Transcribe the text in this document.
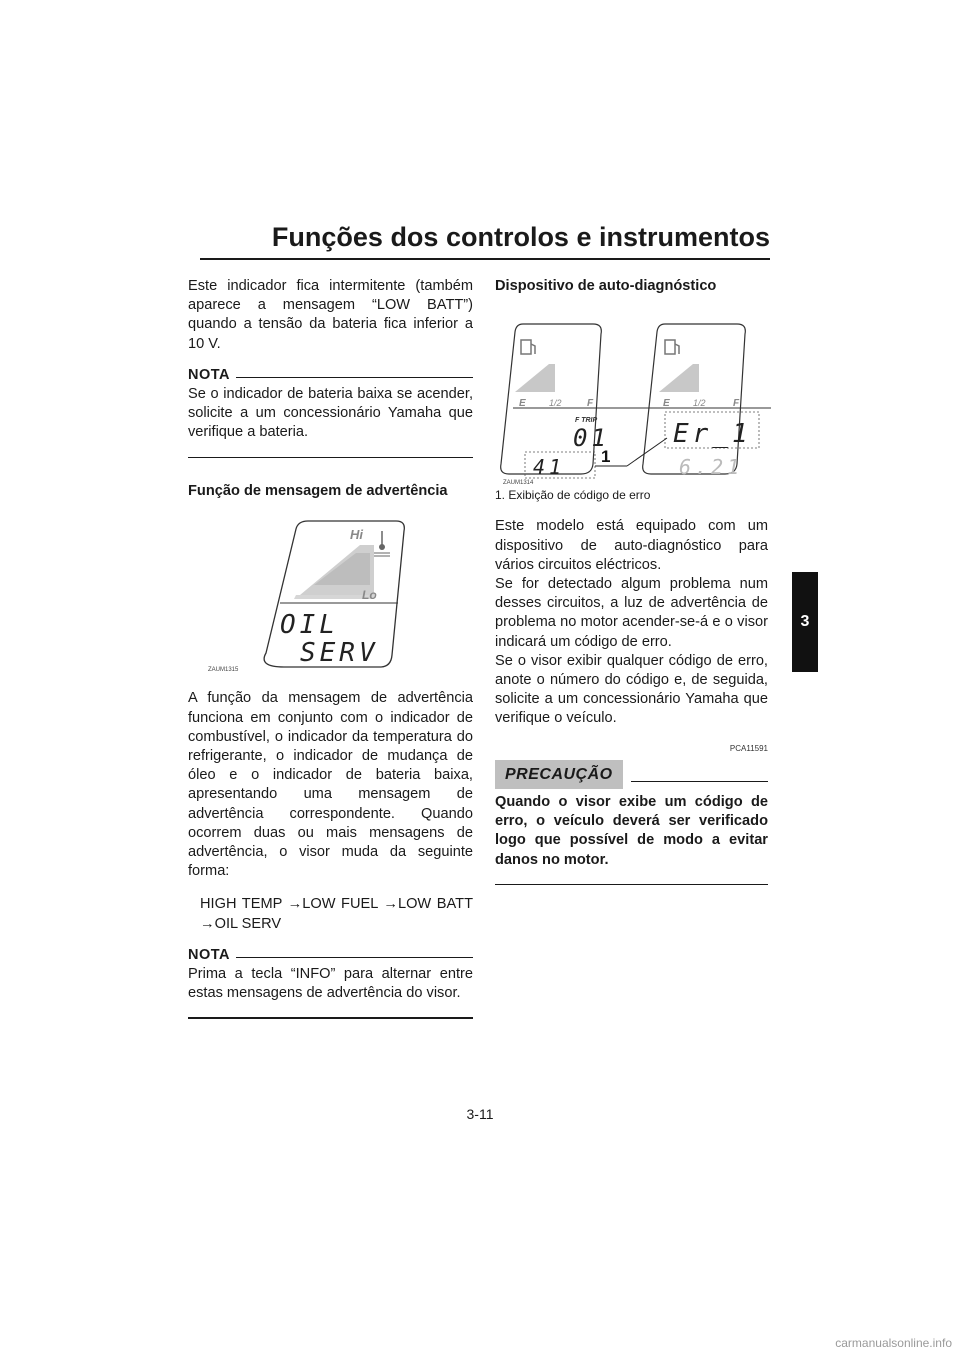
Funções dos controlos e instrumentos
3

Este indicador fica intermitente (também aparece a mensagem “LOW BATT”) quando a tensão da bateria fica inferior a 10 V.

NOTA

Se o indicador de bateria baixa se acender, solicite a um concessionário Yamaha que verifique a bateria.

Função de mensagem de advertência

Hi
Lo
OIL
SERV
ZAUM1315

A função da mensagem de advertência funciona em conjunto com o indicador de combustível, o indicador da temperatura do refrigerante, o indicador de mudança de óleo e o indicador de bateria baixa, apresentando uma mensagem de advertência correspondente. Quando ocorrem duas ou mais mensagens de advertência, o visor muda da seguinte forma:

HIGH TEMP →LOW FUEL →LOW BATT →OIL SERV

NOTA

Prima a tecla “INFO” para alternar entre estas mensagens de advertência do visor.

Dispositivo de auto-diagnóstico

E	1/2	F
F TRIP
01
41
E	1/2	F
Er_1
6.21
1
ZAUM1314

1. Exibição de código de erro

Este modelo está equipado com um dispositivo de auto-diagnóstico para vários circuitos eléctricos.

Se for detectado algum problema num desses circuitos, a luz de advertência de problema no motor acender-se-á e o visor indicará um código de erro.

Se o visor exibir qualquer código de erro, anote o número do código e, de seguida, solicite a um concessionário Yamaha que verifique o veículo.

PCA11591

PRECAUÇÃO

Quando o visor exibe um código de erro, o veículo deverá ser verificado logo que possível de modo a evitar danos no motor.

3-11
carmanualsonline.info
